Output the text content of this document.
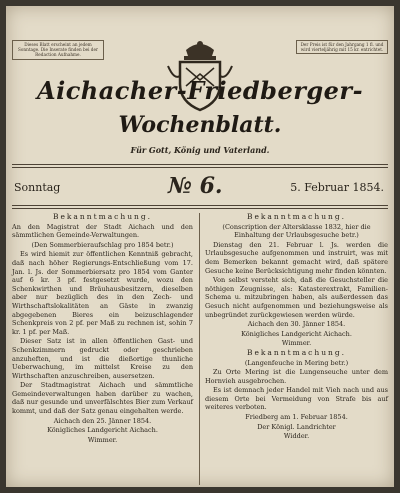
Dieses Blatt erscheint an jedem Sonntage. Die Inserate finden bei der Redaction Aufnahme.
Der Preis ist für den Jahrgang 1 fl. und wird vierteljährig mit 15 kr. entrichtet.
Aichacher-Friedberger-
Wochenblatt.
Für Gott, König und Vaterland.
Sonntag	№ 6.	5. Februar 1854.
Bekanntmachung.
An den Magistrat der Stadt Aichach und den sämmtlichen Gemeinde-Verwaltungen.
(Den Sommerbieraufschlag pro 1854 betr.)
Es wird hiemit zur öffentlichen Kenntniß gebracht, daß nach höher Regierungs-Entschließung vom 17. Jan. l. Js. der Sommerbiersatz pro 1854 vom Ganter auf 6 kr. 3 pf. festgesetzt wurde, wozu den Schenkwirthen und Bräuhausbesitzern, dieselben aber nur bezüglich des in den Zech- und Wirthschaftslokalitäten an Gäste in zwanzig abgegebenen Bieres ein beizuschlagender Schenkpreis von 2 pf. per Maß zu rechnen ist, sohin 7 kr. 1 pf. per Maß.
Dieser Satz ist in allen öffentlichen Gast- und Schenkzimmern gedruckt oder geschrieben anzuheften, und ist die dießortige thunliche Ueberwachung, im mittelst Kreise zu den Wirthschaften anzuschreiben, ausersetzen.
Der Stadtmagistrat Aichach und sämmtliche Gemeindeverwaltungen haben darüber zu wachen, daß nur gesunde und unverfälschtes Bier zum Verkauf kommt, und daß der Satz genau eingehalten werde.
Aichach den 25. Jänner 1854.
Königliches Landgericht Aichach.
Wimmer.
Bekanntmachung.
(Conscription der Altersklasse 1832, hier die Einhaltung der Urlaubsgesuche betr.)
Dienstag den 21. Februar l. Js. werden die Urlaubsgesuche aufgenommen und instruirt, was mit dem Bemerken bekannt gemacht wird, daß spätere Gesuche keine Berücksichtigung mehr finden könnten.
Von selbst versteht sich, daß die Gesuchsteller die nöthigen Zeugnisse, als: Katasterextrakt, Familien-Schema u. mitzubringen haben, als außerdessen das Gesuch nicht aufgenommen und beziehungsweise als unbegründet zurückgewiesen werden würde.
Aichach den 30. Jänner 1854.
Königliches Landgericht Aichach.
Wimmer.
Bekanntmachung.
(Langenfeuche in Mering betr.)
Zu Orte Mering ist die Lungenseuche unter dem Hornvieh ausgebrochen.
Es ist demnach jeder Handel mit Vieh nach und aus diesem Orte bei Vermeidung von Strafe bis auf weiteres verboten.
Friedberg am 1. Februar 1854.
Der Königl. Landrichter
Widder.
